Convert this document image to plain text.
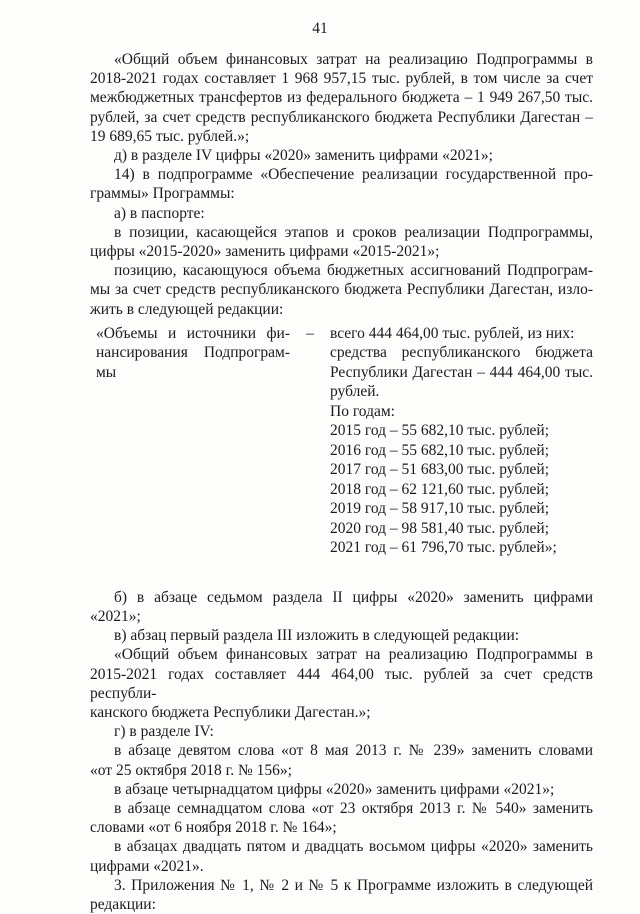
41
«Общий объем финансовых затрат на реализацию Подпрограммы в
2018-2021 годах составляет 1 968 957,15 тыс. рублей, в том числе за счет
межбюджетных трансфертов из федерального бюджета – 1 949 267,50 тыс.
рублей, за счет средств республиканского бюджета Республики Дагестан –
19 689,65 тыс. рублей.»;
д) в разделе IV цифры «2020» заменить цифрами «2021»;
14) в подпрограмме «Обеспечение реализации государственной про-
граммы» Программы:
а) в паспорте:
в позиции, касающейся этапов и сроков реализации Подпрограммы,
цифры «2015-2020» заменить цифрами «2015-2021»;
позицию, касающуюся объема бюджетных ассигнований Подпрограм-
мы за счет средств республиканского бюджета Республики Дагестан, изло-
жить в следующей редакции:
«Объемы и источники фи-
нансирования Подпрограм-
мы
–	всего 444 464,00 тыс. рублей, из них:
средства республиканского бюджета
Республики Дагестан – 444 464,00 тыс.
рублей.
По годам:
2015 год – 55 682,10 тыс. рублей;
2016 год – 55 682,10 тыс. рублей;
2017 год – 51 683,00 тыс. рублей;
2018 год – 62 121,60 тыс. рублей;
2019 год – 58 917,10 тыс. рублей;
2020 год – 98 581,40 тыс. рублей;
2021 год – 61 796,70 тыс. рублей»;
б) в абзаце седьмом раздела II цифры «2020» заменить цифрами
«2021»;
в) абзац первый раздела III изложить в следующей редакции:
«Общий объем финансовых затрат на реализацию Подпрограммы в
2015-2021 годах составляет 444 464,00 тыс. рублей за счет средств республи-
канского бюджета Республики Дагестан.»;
г) в разделе IV:
в абзаце девятом слова «от 8 мая 2013 г. № 239» заменить словами
«от 25 октября 2018 г. № 156»;
в абзаце четырнадцатом цифры «2020» заменить цифрами «2021»;
в абзаце семнадцатом слова «от 23 октября 2013 г. № 540» заменить
словами «от 6 ноября 2018 г. № 164»;
в абзацах двадцать пятом и двадцать восьмом цифры «2020» заменить
цифрами «2021».
3. Приложения № 1, № 2 и № 5 к Программе изложить в следующей
редакции:
